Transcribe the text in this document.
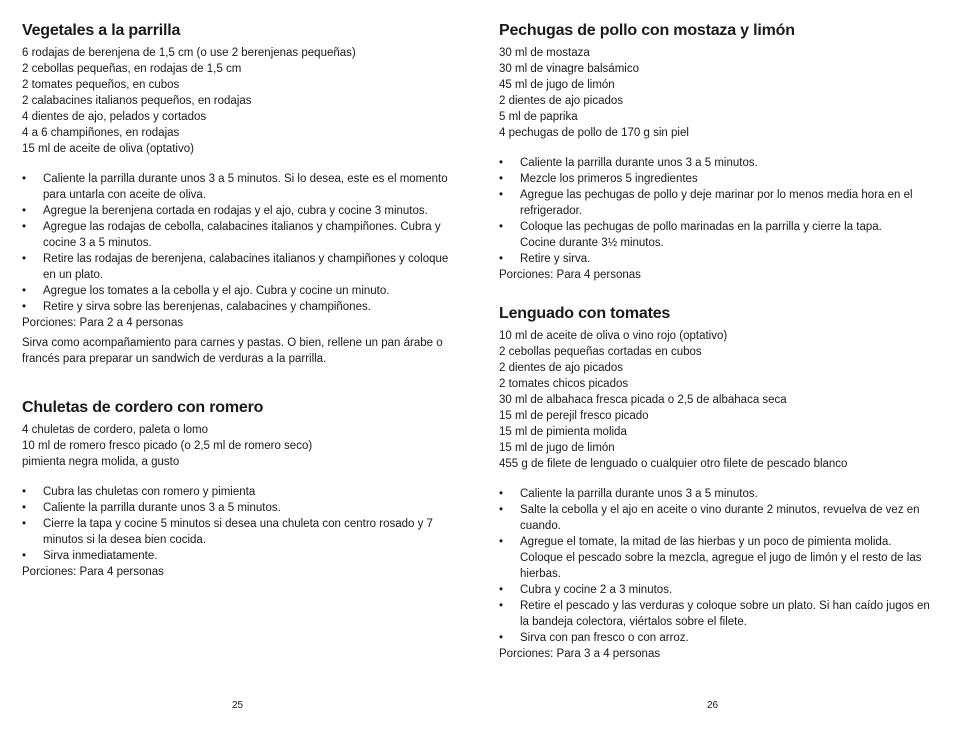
Vegetales a la parrilla
6 rodajas de berenjena de 1,5 cm (o use 2 berenjenas pequeñas)
2 cebollas pequeñas, en rodajas de 1,5 cm
2 tomates pequeños, en cubos
2 calabacines italianos pequeños, en rodajas
4 dientes de ajo, pelados y cortados
4 a 6 champiñones, en rodajas
15 ml de aceite de oliva (optativo)
•	Caliente la parrilla durante unos 3 a 5 minutos. Si lo desea, este es el momento para untarla con aceite de oliva.
•	Agregue la berenjena cortada en rodajas y el ajo, cubra y cocine 3 minutos.
•	Agregue las rodajas de cebolla, calabacines italianos y champiñones. Cubra y cocine 3 a 5 minutos.
•	Retire las rodajas de berenjena, calabacines italianos y champiñones y coloque en un plato.
•	Agregue los tomates a la cebolla y el ajo. Cubra y cocine un minuto.
•	Retire y sirva sobre las berenjenas, calabacines y champiñones.

Porciones: Para 2 a 4 personas

Sirva como acompañamiento para carnes y pastas. O bien, rellene un pan árabe o francés para preparar un sandwich de verduras a la parrilla.

Chuletas de cordero con romero
4 chuletas de cordero, paleta o lomo
10 ml de romero fresco picado (o 2,5 ml de romero seco)
pimienta negra molida, a gusto
•	Cubra las chuletas con romero y pimienta
•	Caliente la parrilla durante unos 3 a 5 minutos.
•	Cierre la tapa y cocine 5 minutos si desea una chuleta con centro rosado y 7 minutos si la desea bien cocida.
•	Sirva inmediatamente.

Porciones: Para 4 personas

25
Pechugas de pollo con mostaza y limón
30 ml de mostaza
30 ml de vinagre balsámico
45 ml de jugo de limón
2 dientes de ajo picados
5 ml de paprika
4 pechugas de pollo de 170 g sin piel
•	Caliente la parrilla durante unos 3 a 5 minutos.
•	Mezcle los primeros 5 ingredientes
•	Agregue las pechugas de pollo y deje marinar por lo menos media hora en el refrigerador.
•	Coloque las pechugas de pollo marinadas en la parrilla y cierre la tapa. Cocine durante 3½ minutos.
•	Retire y sirva.

Porciones: Para 4 personas

Lenguado con tomates
10 ml de aceite de oliva o vino rojo (optativo)
2 cebollas pequeñas cortadas en cubos
2 dientes de ajo picados
2 tomates chicos picados
30 ml de albahaca fresca picada o 2,5 de albahaca seca
15 ml de perejil fresco picado
15 ml de pimienta molida
15 ml de jugo de limón
455 g de filete de lenguado o cualquier otro filete de pescado blanco
•	Caliente la parrilla durante unos 3 a 5 minutos.
•	Salte la cebolla y el ajo en aceite o vino durante 2 minutos, revuelva de vez en cuando.
•	Agregue el tomate, la mitad de las hierbas y un poco de pimienta molida. Coloque el pescado sobre la mezcla, agregue el jugo de limón y el resto de las hierbas.
•	Cubra y cocine 2 a 3 minutos.
•	Retire el pescado y las verduras y coloque sobre un plato. Si han caído jugos en la bandeja colectora, viértalos sobre el filete.
•	Sirva con pan fresco o con arroz.

Porciones: Para 3 a 4 personas

26
